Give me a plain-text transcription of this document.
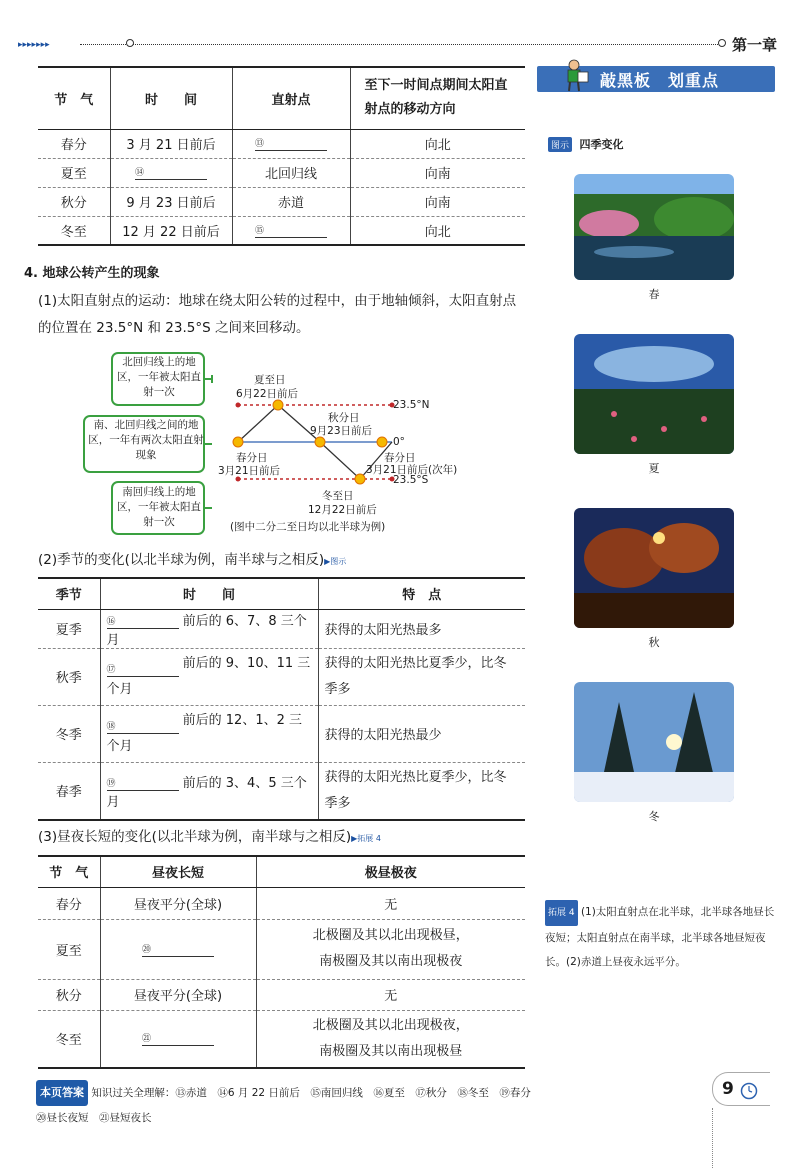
▸▸▸▸▸▸▸	第一章
节　气	时　　间	直射点	至下一时间点期间太阳直射点的移动方向
春分	3 月 21 日前后	⑬	向北
夏至	⑭	北回归线	向南
秋分	9 月 23 日前后	赤道	向南
冬至	12 月 22 日前后	⑮	向北
4. 地球公转产生的现象
(1)太阳直射点的运动：地球在绕太阳公转的过程中，由于地轴倾斜，太阳直射点的位置在 23.5°N 和 23.5°S 之间来回移动。
北回归线上的地区，一年被太阳直射一次
南、北回归线之间的地区，一年有两次太阳直射现象
南回归线上的地区，一年被太阳直射一次
夏至日
6月22日前后
23.5°N
秋分日
9月23日前后
0°
春分日
3月21日前后
春分日
3月21日前后(次年)
23.5°S
冬至日
12月22日前后
(图中二分二至日均以北半球为例)
(2)季节的变化(以北半球为例，南半球与之相反)▶图示
季节	时　　间	特　点
夏季	⑯ 前后的 6、7、8 三个月	获得的太阳光热最多
秋季	⑰ 前后的 9、10、11 三个月	获得的太阳光热比夏季少，比冬季多
冬季	⑱ 前后的 12、1、2 三个月	获得的太阳光热最少
春季	⑲ 前后的 3、4、5 三个月	获得的太阳光热比夏季少，比冬季多
(3)昼夜长短的变化(以北半球为例，南半球与之相反)▶拓展 4
节　气	昼夜长短	极昼极夜
春分	昼夜平分(全球)	无
夏至	⑳	北极圈及其以北出现极昼，南极圈及其以南出现极夜
秋分	昼夜平分(全球)	无
冬至	㉑	北极圈及其以北出现极夜，南极圈及其以南出现极昼
敲黑板　划重点
图示 四季变化
春
夏
秋
冬
拓展 4 (1)太阳直射点在北半球，北半球各地昼长夜短；太阳直射点在南半球，北半球各地昼短夜长。(2)赤道上昼夜永远平分。
本页答案 知识过关全理解：⑬赤道　⑭6 月 22 日前后　⑮南回归线　⑯夏至　⑰秋分　⑱冬至　⑲春分
⑳昼长夜短　㉑昼短夜长
9
